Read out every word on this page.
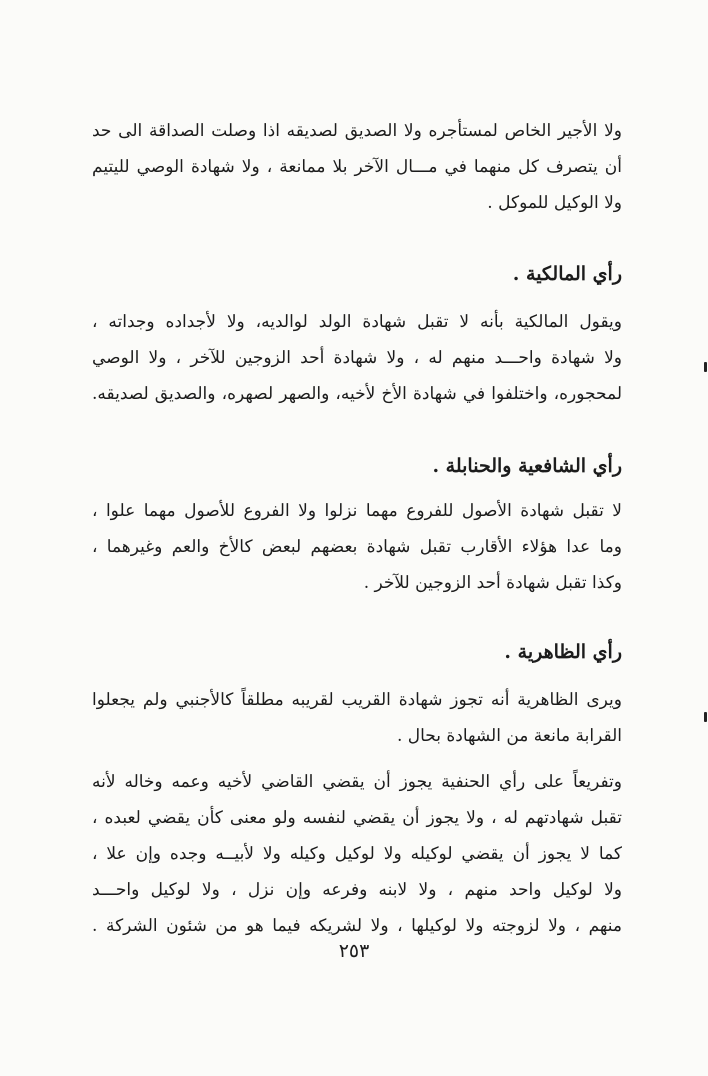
ولا الأجير الخاص لمستأجره ولا الصديق لصديقه اذا وصلت الصداقة الى حد
أن يتصرف كل منهما في مـــال الآخر بلا ممانعة ، ولا شهادة الوصي لليتيم
ولا الوكيل للموكل .
رأي المالكية .
ويقول المالكية بأنه لا تقبل شهادة الولد لوالديه، ولا لأجداده وجداته ،
ولا شهادة واحـــد منهم له ، ولا شهادة أحد الزوجين للآخر ، ولا الوصي
لمحجوره، واختلفوا في شهادة الأخ لأخيه، والصهر لصهره، والصديق لصديقه.
رأي الشافعية والحنابلة .
لا تقبل شهادة الأصول للفروع مهما نزلوا ولا الفروع للأصول مهما علوا ،
وما عدا هؤلاء الأقارب تقبل شهادة بعضهم لبعض كالأخ والعم وغيرهما ،
وكذا تقبل شهادة أحد الزوجين للآخر .
رأي الظاهرية .
ويرى الظاهرية أنه تجوز شهادة القريب لقريبه مطلقاً كالأجنبي ولم يجعلوا
القرابة مانعة من الشهادة بحال .
وتفريعاً على رأي الحنفية يجوز أن يقضي القاضي لأخيه وعمه وخاله لأنه
تقبل شهادتهم له ، ولا يجوز أن يقضي لنفسه ولو معنى كأن يقضي لعبده ،
كما لا يجوز أن يقضي لوكيله ولا لوكيل وكيله ولا لأبيــه وجده وإن علا ،
ولا لوكيل واحد منهم ، ولا لابنه وفرعه وإن نزل ، ولا لوكيل واحـــد
منهم ، ولا لزوجته ولا لوكيلها ، ولا لشريكه فيما هو من شئون الشركة .
٢٥٣
